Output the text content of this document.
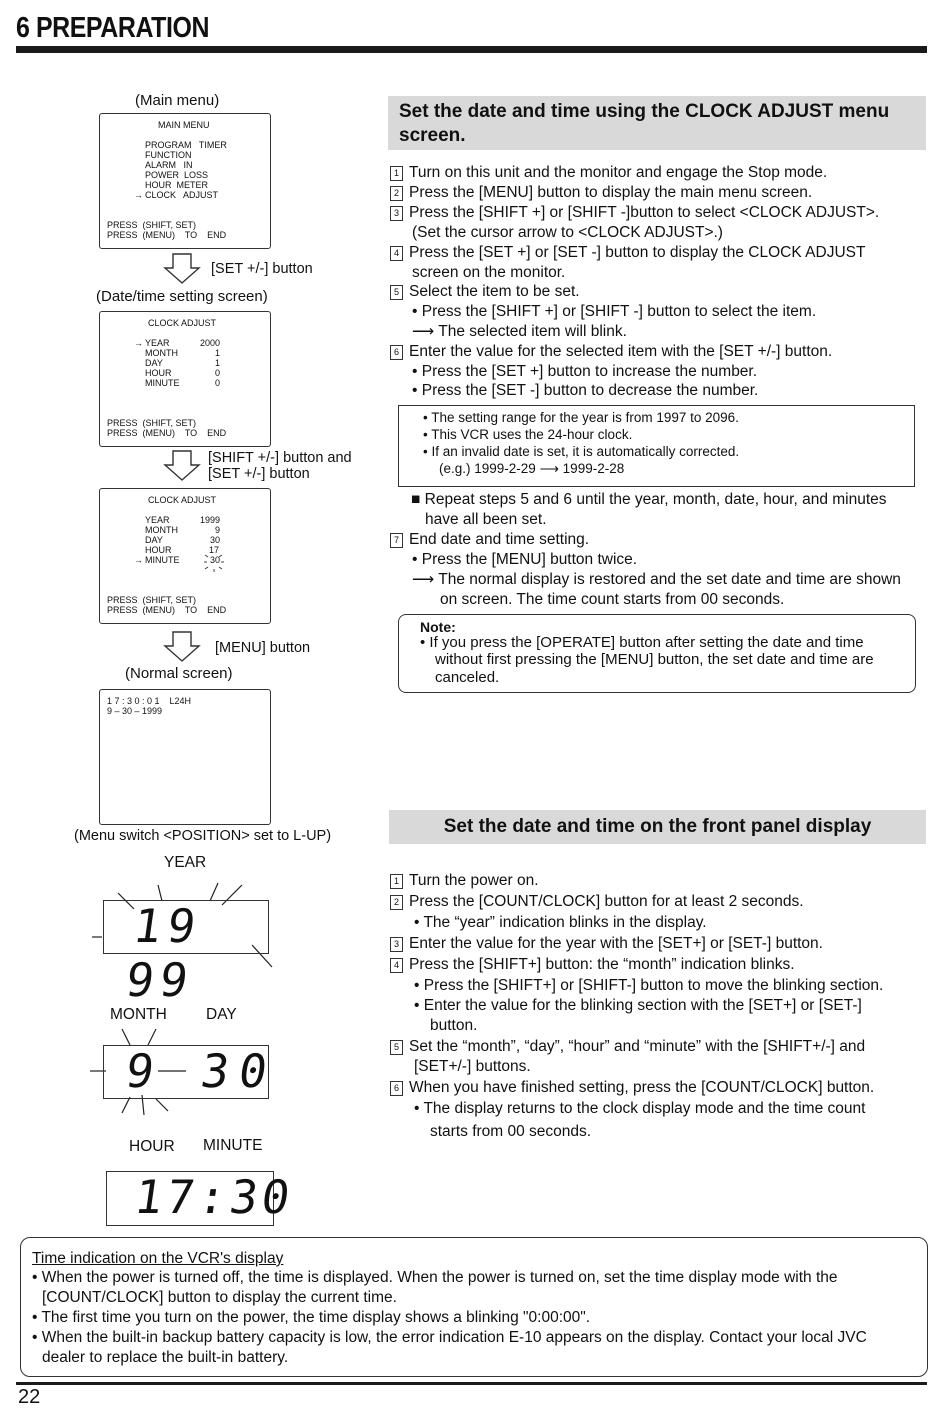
6 PREPARATION
(Main menu)
MAIN MENU
PROGRAM   TIMER
FUNCTION
ALARM   IN
POWER  LOSS
HOUR  METER
→ CLOCK   ADJUST
PRESS  (SHIFT, SET)
PRESS  (MENU)    TO    END
[SET +/-] button
(Date/time setting screen)
CLOCK ADJUST
→ YEAR
MONTH
DAY
HOUR
MINUTE
2000
1
1
0
0
PRESS  (SHIFT, SET)
PRESS  (MENU)    TO    END
[SHIFT +/-] button and
[SET +/-] button
CLOCK ADJUST
YEAR
MONTH
DAY
HOUR
→ MINUTE
1999
9
30
17
30
PRESS  (SHIFT, SET)
PRESS  (MENU)    TO    END
[MENU] button
(Normal screen)
1 7 : 3 0 : 0 1    L24H
9 – 30 – 1999
(Menu switch <POSITION> set to L-UP)
YEAR
19 99
MONTH	DAY
9 30
HOUR MINUTE
17:30
Set the date and time using the CLOCK ADJUST menu
screen.
1 Turn on this unit and the monitor and engage the Stop mode.
2 Press the [MENU] button to display the main menu screen.
3 Press the [SHIFT +] or [SHIFT -]button to select <CLOCK ADJUST>.
(Set the cursor arrow to <CLOCK ADJUST>.)
4 Press the [SET +] or [SET -] button to display the CLOCK ADJUST
screen on the monitor.
5 Select the item to be set.
• Press the [SHIFT +] or [SHIFT -] button to select the item.
⟶ The selected item will blink.
6 Enter the value for the selected item with the [SET +/-] button.
• Press the [SET +] button to increase the number.
• Press the [SET -] button to decrease the number.
• The setting range for the year is from 1997 to 2096.
• This VCR uses the 24-hour clock.
• If an invalid date is set, it is automatically corrected.
(e.g.) 1999-2-29 ⟶ 1999-2-28
■ Repeat steps 5 and 6 until the year, month, date, hour, and minutes
have all been set.
7 End date and time setting.
• Press the [MENU] button twice.
⟶ The normal display is restored and the set date and time are shown
on screen. The time count starts from 00 seconds.
Note:
• If you press the [OPERATE] button after setting the date and time
without first pressing the [MENU] button, the set date and time are
canceled.
Set the date and time on the front panel display
1 Turn the power on.
2 Press the [COUNT/CLOCK] button for at least 2 seconds.
• The “year” indication blinks in the display.
3 Enter the value for the year with the [SET+] or [SET-] button.
4 Press the [SHIFT+] button: the “month” indication blinks.
• Press the [SHIFT+] or [SHIFT-] button to move the blinking section.
• Enter the value for the blinking section with the [SET+] or [SET-]
button.
5 Set the “month”, “day”, “hour” and “minute” with the [SHIFT+/-] and
[SET+/-] buttons.
6 When you have finished setting, press the [COUNT/CLOCK] button.
• The display returns to the clock display mode and the time count
starts from 00 seconds.
Time indication on the VCR's display
• When the power is turned off, the time is displayed. When the power is turned on, set the time display mode with the
[COUNT/CLOCK] button to display the current time.
• The first time you turn on the power, the time display shows a blinking "0:00:00".
• When the built-in backup battery capacity is low, the error indication E-10 appears on the display. Contact your local JVC
dealer to replace the built-in battery.
22
